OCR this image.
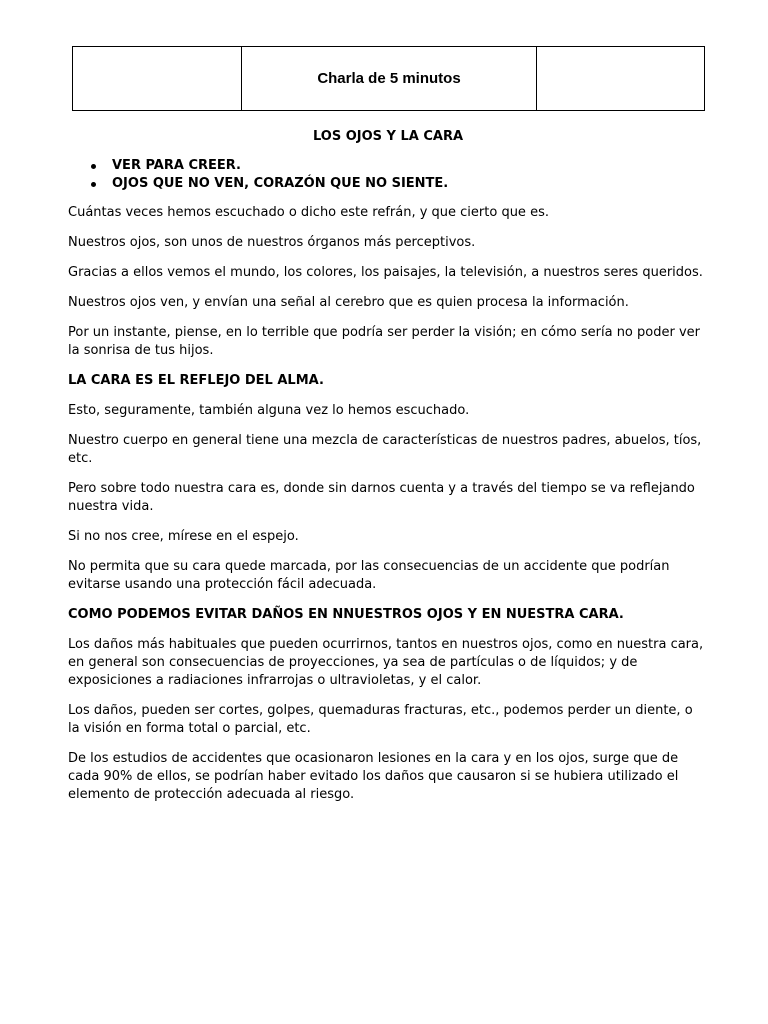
	Charla de 5 minutos	
LOS OJOS Y LA CARA
VER PARA CREER.
OJOS QUE NO VEN, CORAZÓN QUE NO SIENTE.

Cuántas veces hemos escuchado o dicho este refrán, y que cierto que es.

Nuestros ojos, son unos de nuestros órganos más perceptivos.

Gracias a ellos vemos el mundo, los colores, los paisajes, la televisión, a nuestros seres queridos.

Nuestros ojos ven, y envían una señal al cerebro que es quien procesa la información.

Por un instante, piense, en lo terrible que podría ser perder la visión; en cómo sería no poder ver la sonrisa de tus hijos.

LA CARA ES EL REFLEJO DEL ALMA.

Esto, seguramente, también alguna vez lo hemos escuchado.

Nuestro cuerpo en general tiene una mezcla de características de nuestros padres, abuelos, tíos, etc.

Pero sobre todo nuestra cara es, donde sin darnos cuenta y a través del tiempo se va reflejando nuestra vida.

Si no nos cree, mírese en el espejo.

No permita que su cara quede marcada, por las consecuencias de un accidente que podrían evitarse usando una protección fácil adecuada.

COMO PODEMOS EVITAR DAÑOS EN NNUESTROS OJOS Y EN NUESTRA CARA.

Los daños más habituales que pueden ocurrirnos, tantos en nuestros ojos, como en nuestra cara, en general son consecuencias de proyecciones, ya sea de partículas o de líquidos; y de exposiciones a radiaciones infrarrojas o ultravioletas, y el calor.

Los daños, pueden ser cortes, golpes, quemaduras fracturas, etc., podemos perder un diente, o la visión en forma total o parcial, etc.

De los estudios de accidentes que ocasionaron lesiones en la cara y en los ojos, surge que de cada 90% de ellos, se podrían haber evitado los daños que causaron si se hubiera utilizado el elemento de protección adecuada al riesgo.
